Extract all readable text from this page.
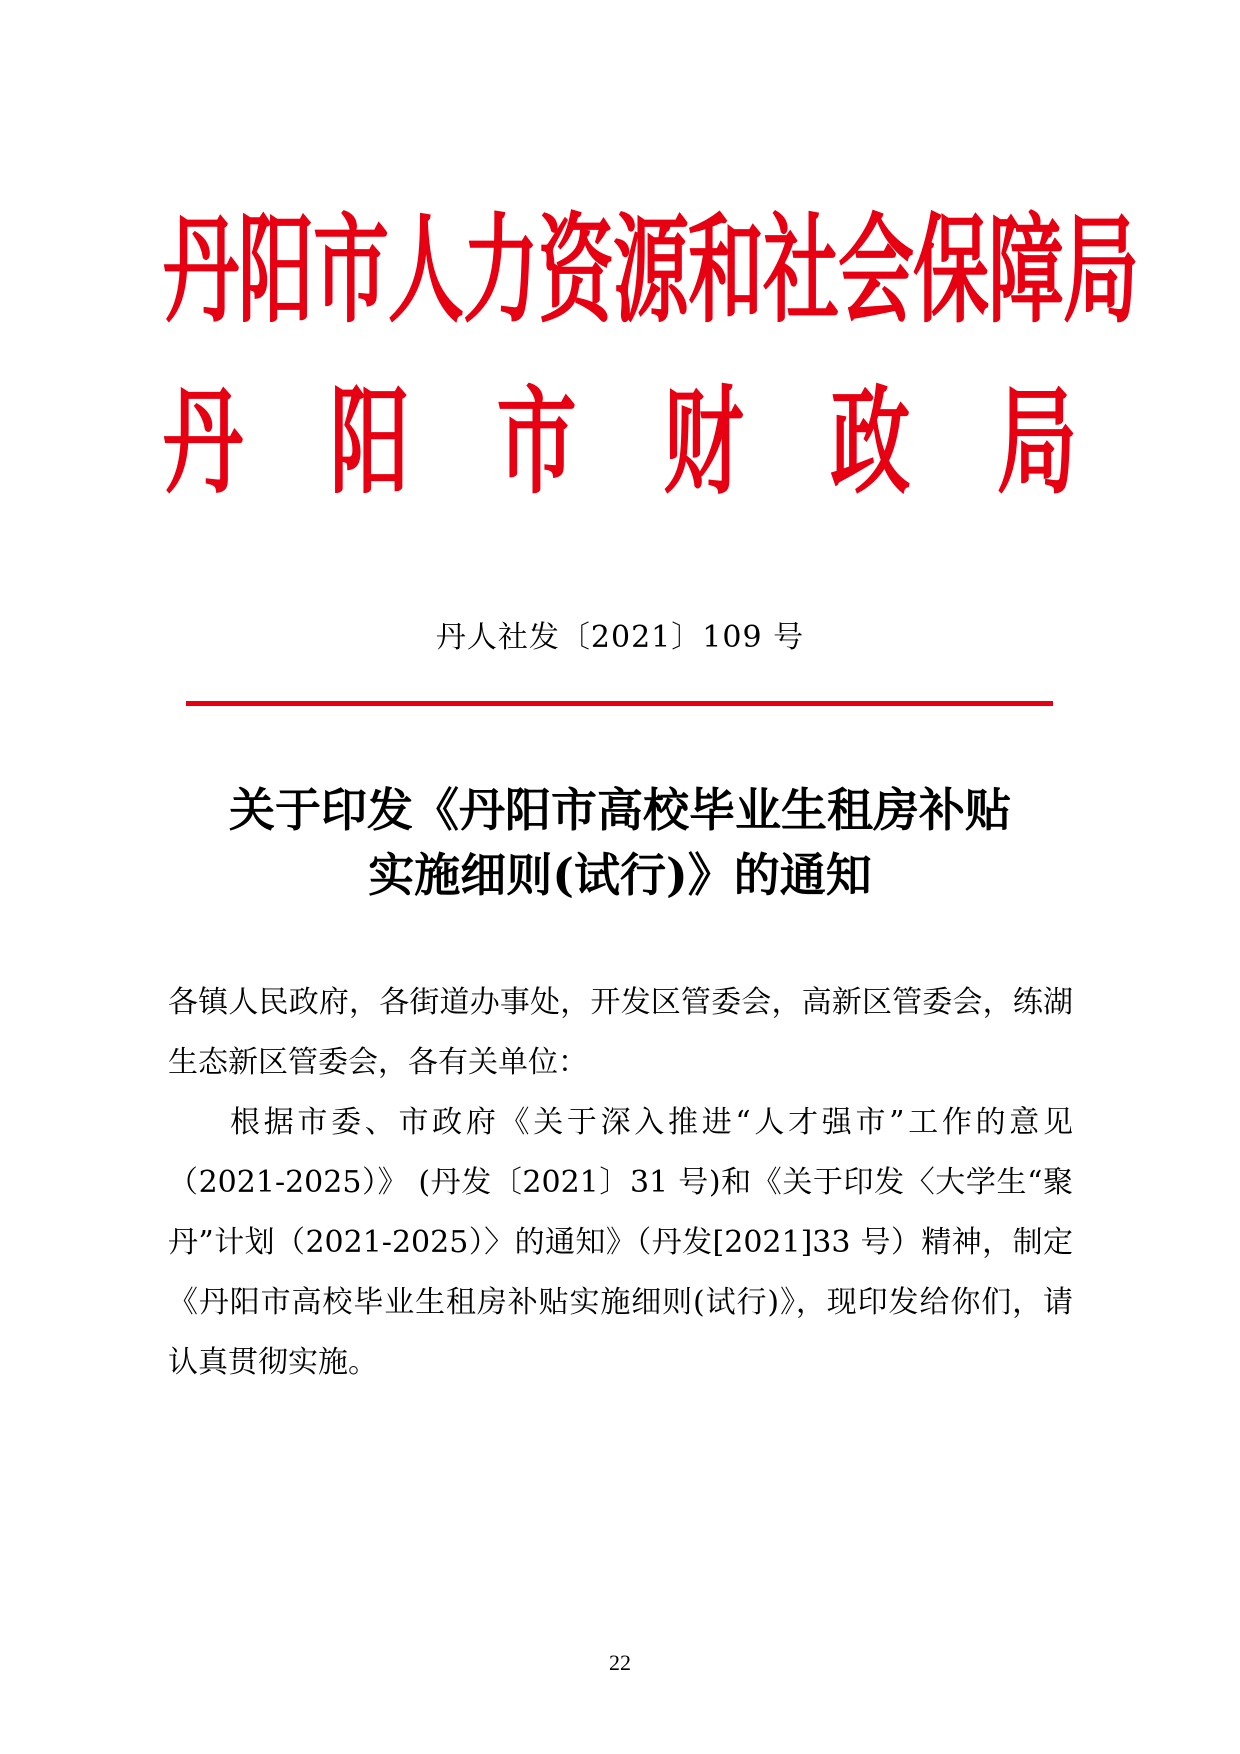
丹阳市人力资源和社会保障局
丹 阳 市 财 政 局
丹人社发〔2021〕109 号
关于印发《丹阳市高校毕业生租房补贴
实施细则(试行)》的通知
各镇人民政府，各街道办事处，开发区管委会，高新区管委会，练湖生态新区管委会，各有关单位：
根据市委、市政府《关于深入推进“人才强市”工作的意见（2021-2025）》 (丹发〔2021〕31 号)和《关于印发〈大学生“聚丹”计划（2021-2025）〉的通知》（丹发[2021]33 号）精神，制定《丹阳市高校毕业生租房补贴实施细则(试行)》，现印发给你们，请认真贯彻实施。
22
